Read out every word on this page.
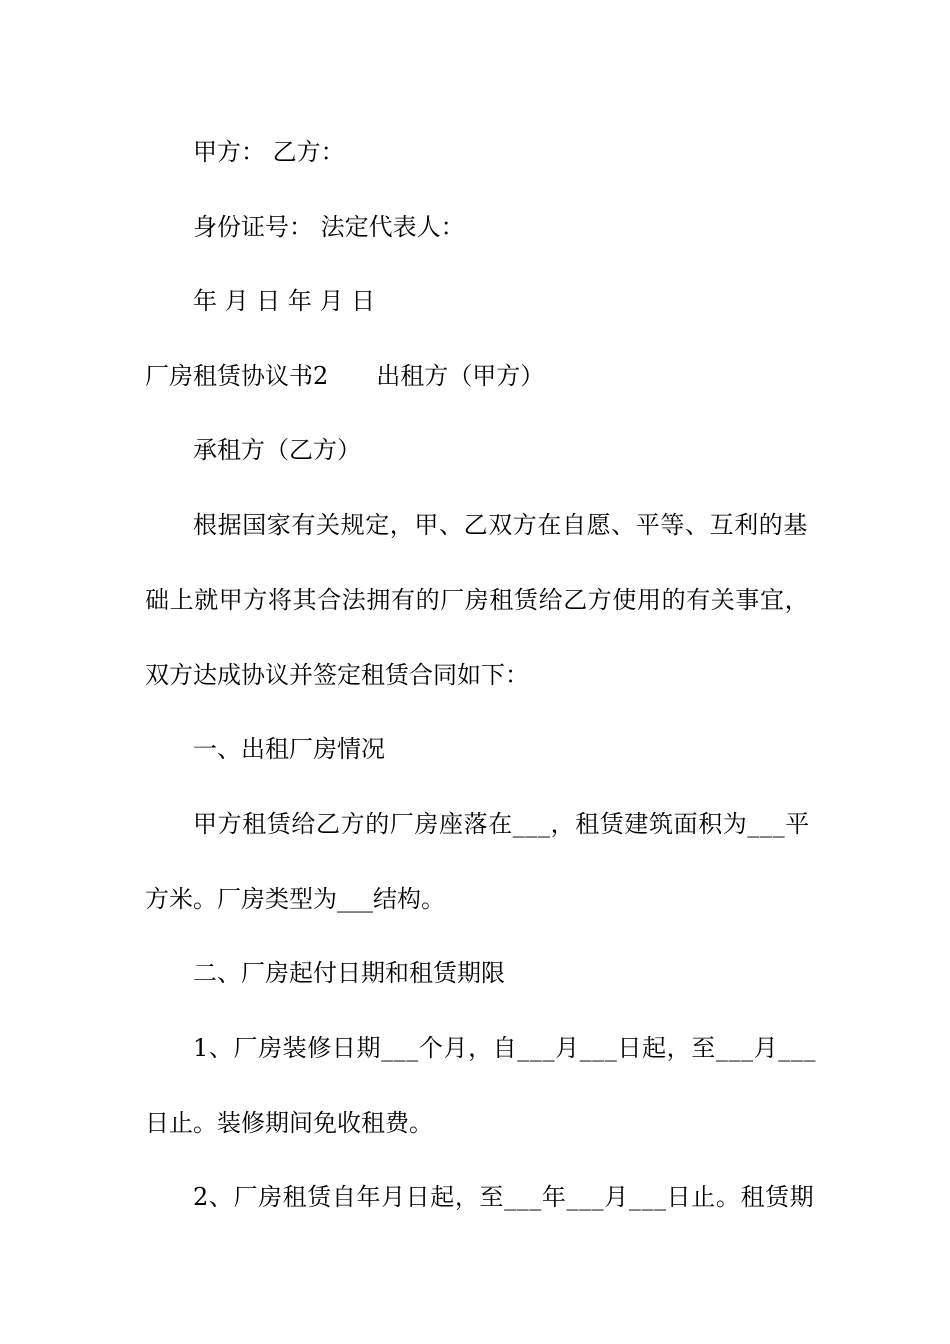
甲方： 乙方：
身份证号： 法定代表人：
年 月 日 年 月 日
厂房租赁协议书2 出租方（甲方）
承租方（乙方）
根据国家有关规定，甲、乙双方在自愿、平等、互利的基
础上就甲方将其合法拥有的厂房租赁给乙方使用的有关事宜，
双方达成协议并签定租赁合同如下：
一、出租厂房情况
甲方租赁给乙方的厂房座落在___，租赁建筑面积为___平
方米。厂房类型为___结构。
二、厂房起付日期和租赁期限
1、厂房装修日期___个月，自___月___日起，至___月___
日止。装修期间免收租费。
2、厂房租赁自年月日起，至___年___月___日止。租赁期
